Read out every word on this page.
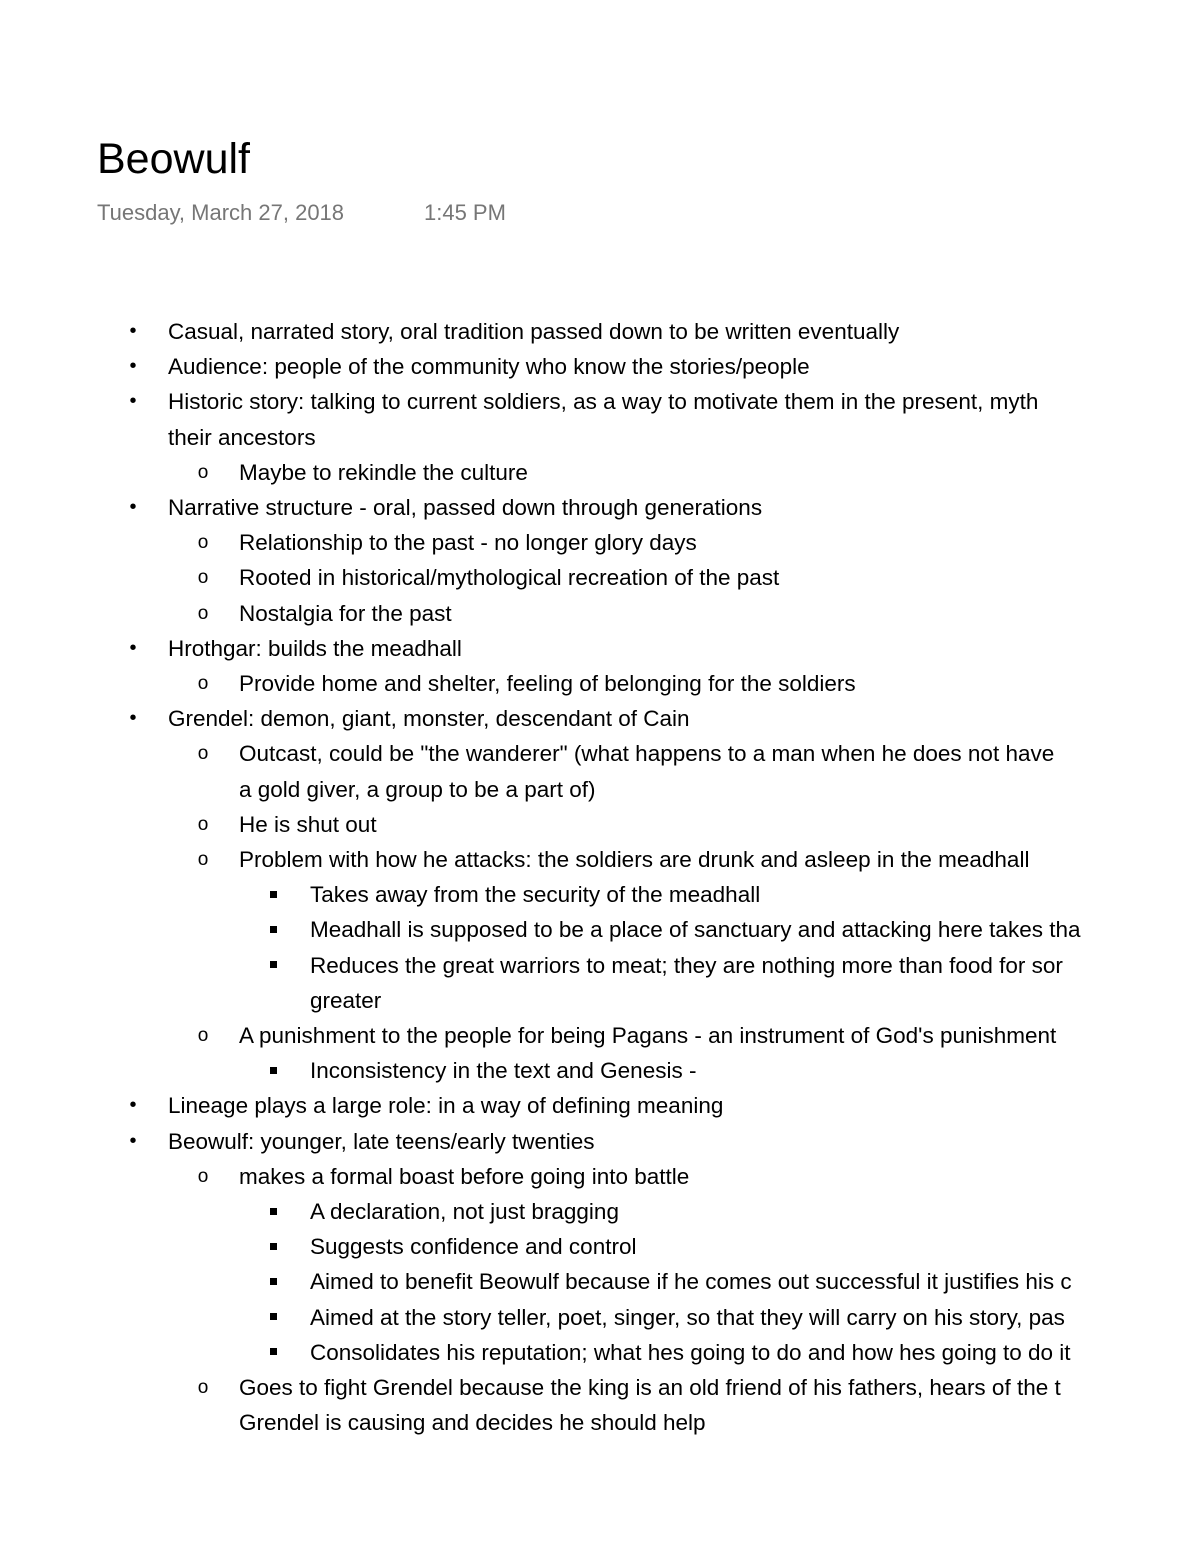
Beowulf
Tuesday, March 27, 2018	1:45 PM
•
Casual, narrated story, oral tradition passed down to be written eventually
•
Audience: people of the community who know the stories/people
•
Historic story: talking to current soldiers, as a way to motivate them in the present, myth
their ancestors
o
Maybe to rekindle the culture
•
Narrative structure - oral, passed down through generations
o
Relationship to the past - no longer glory days
o
Rooted in historical/mythological recreation of the past
o
Nostalgia for the past
•
Hrothgar: builds the meadhall
o
Provide home and shelter, feeling of belonging for the soldiers
•
Grendel: demon, giant, monster, descendant of Cain
o
Outcast, could be "the wanderer" (what happens to a man when he does not have
a gold giver, a group to be a part of)
o
He is shut out
o
Problem with how he attacks: the soldiers are drunk and asleep in the meadhall
Takes away from the security of the meadhall
Meadhall is supposed to be a place of sanctuary and attacking here takes tha
Reduces the great warriors to meat; they are nothing more than food for sor
greater
o
A punishment to the people for being Pagans - an instrument of God's punishment
Inconsistency in the text and Genesis -
•
Lineage plays a large role: in a way of defining meaning
•
Beowulf: younger, late teens/early twenties
o
makes a formal boast before going into battle
A declaration, not just bragging
Suggests confidence and control
Aimed to benefit Beowulf because if he comes out successful it justifies his c
Aimed at the story teller, poet, singer, so that they will carry on his story, pas
Consolidates his reputation; what hes going to do and how hes going to do it
o
Goes to fight Grendel because the king is an old friend of his fathers, hears of the t
Grendel is causing and decides he should help
